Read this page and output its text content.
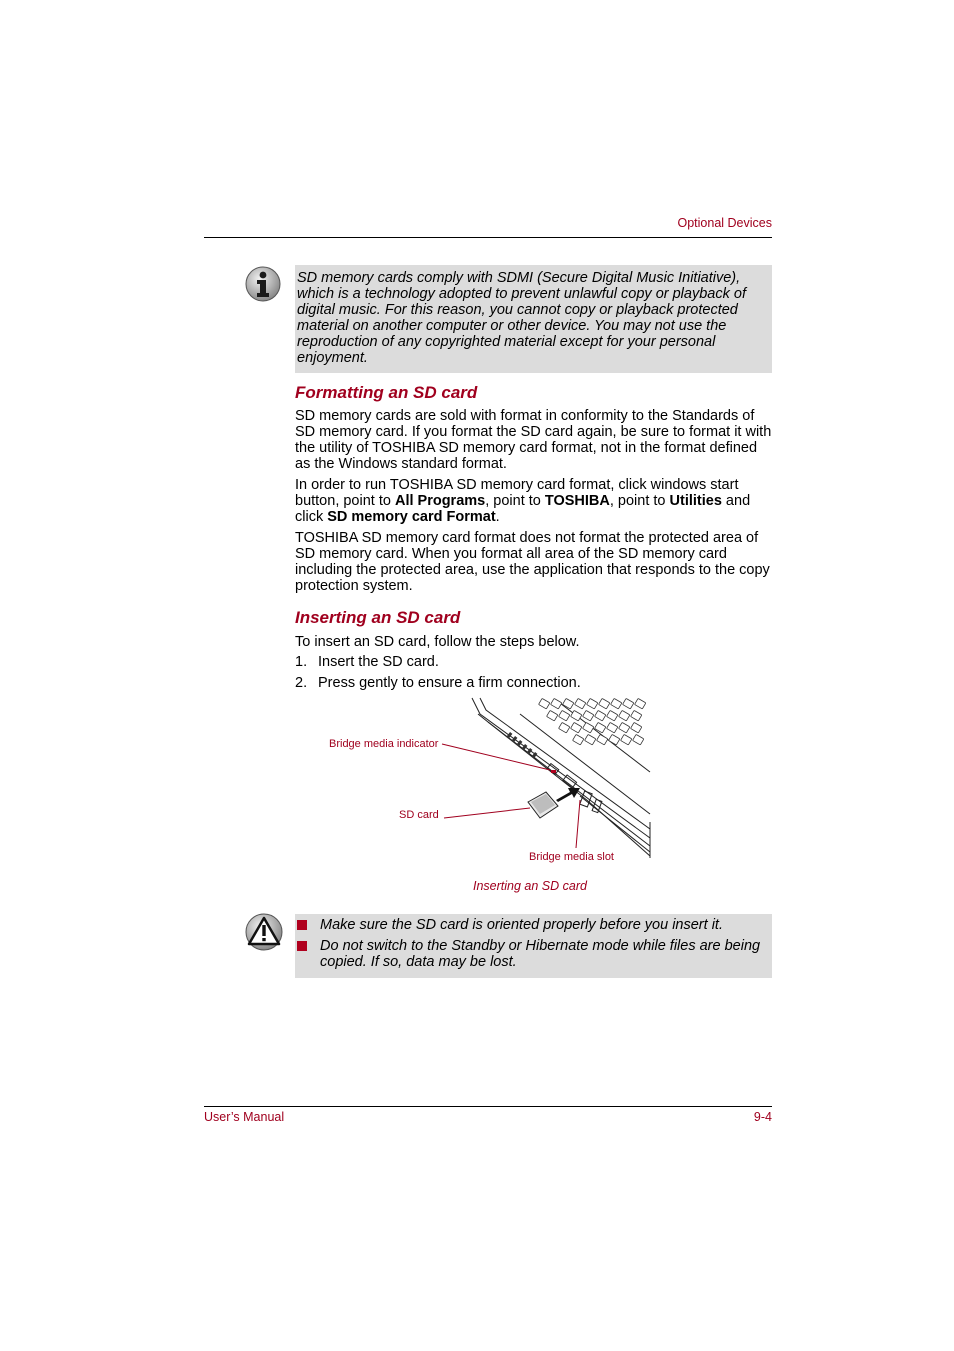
Optional Devices
SD memory cards comply with SDMI (Secure Digital Music Initiative), which is a technology adopted to prevent unlawful copy or playback of digital music. For this reason, you cannot copy or playback protected material on another computer or other device. You may not use the reproduction of any copyrighted material except for your personal enjoyment.
Formatting an SD card
SD memory cards are sold with format in conformity to the Standards of SD memory card. If you format the SD card again, be sure to format it with the utility of TOSHIBA SD memory card format, not in the format defined as the Windows standard format.
In order to run TOSHIBA SD memory card format, click windows start button, point to All Programs, point to TOSHIBA, point to Utilities and click SD memory card Format.
TOSHIBA SD memory card format does not format the protected area of SD memory card. When you format all area of the SD memory card including the protected area, use the application that responds to the copy protection system.
Inserting an SD card
To insert an SD card, follow the steps below.
1. Insert the SD card.
2. Press gently to ensure a firm connection.
Bridge media indicator
SD card
Bridge media slot
Inserting an SD card
Make sure the SD card is oriented properly before you insert it.
Do not switch to the Standby or Hibernate mode while files are being copied. If so, data may be lost.
User’s Manual	9-4
